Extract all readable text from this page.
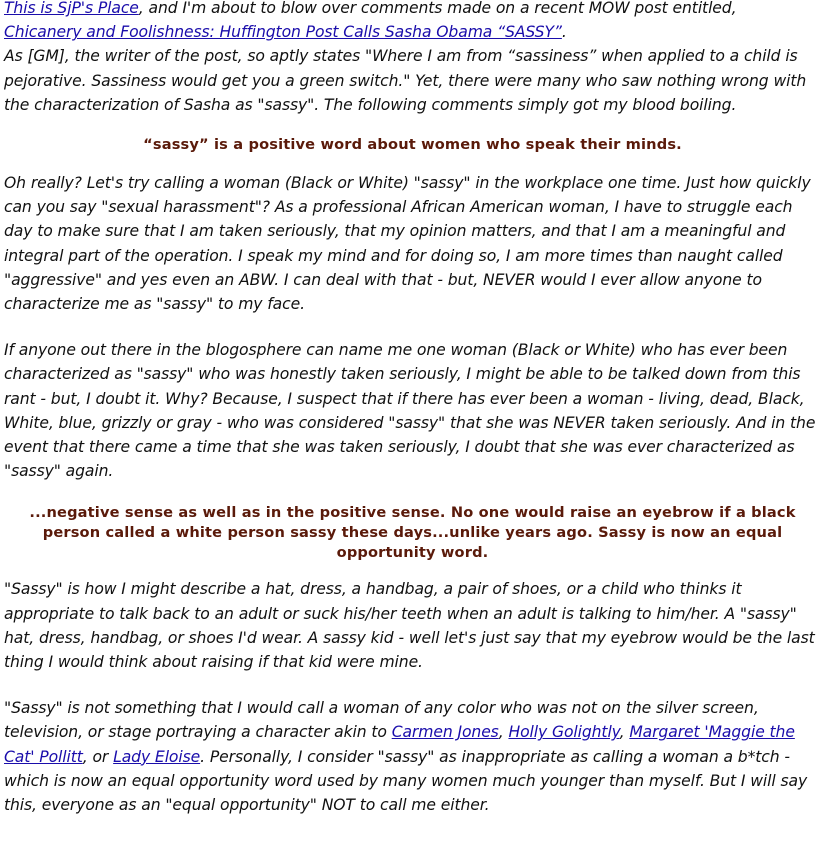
This is SjP's Place, and I'm about to blow over comments made on a recent MOW post entitled,
Chicanery and Foolishness: Huffington Post Calls Sasha Obama “SASSY”.
As [GM], the writer of the post, so aptly states "Where I am from “sassiness” when applied to a child is pejorative. Sassiness would get you a green switch." Yet, there were many who saw nothing wrong with the characterization of Sasha as "sassy". The following comments simply got my blood boiling.

“sassy” is a positive word about women who speak their minds.

Oh really? Let's try calling a woman (Black or White) "sassy" in the workplace one time. Just how quickly can you say "sexual harassment"? As a professional African American woman, I have to struggle each day to make sure that I am taken seriously, that my opinion matters, and that I am a meaningful and integral part of the operation. I speak my mind and for doing so, I am more times than naught called "aggressive" and yes even an ABW. I can deal with that - but, NEVER would I ever allow anyone to characterize me as "sassy" to my face.

If anyone out there in the blogosphere can name me one woman (Black or White) who has ever been characterized as "sassy" who was honestly taken seriously, I might be able to be talked down from this rant - but, I doubt it. Why? Because, I suspect that if there has ever been a woman - living, dead, Black, White, blue, grizzly or gray - who was considered "sassy" that she was NEVER taken seriously. And in the event that there came a time that she was taken seriously, I doubt that she was ever characterized as "sassy" again.

...negative sense as well as in the positive sense. No one would raise an eyebrow if a black person called a white person sassy these days...unlike years ago. Sassy is now an equal opportunity word.

"Sassy" is how I might describe a hat, dress, a handbag, a pair of shoes, or a child who thinks it appropriate to talk back to an adult or suck his/her teeth when an adult is talking to him/her. A "sassy" hat, dress, handbag, or shoes I'd wear. A sassy kid - well let's just say that my eyebrow would be the last thing I would think about raising if that kid were mine.

"Sassy" is not something that I would call a woman of any color who was not on the silver screen, television, or stage portraying a character akin to Carmen Jones, Holly Golightly, Margaret 'Maggie the Cat' Pollitt, or Lady Eloise. Personally, I consider "sassy" as inappropriate as calling a woman a b*tch - which is now an equal opportunity word used by many women much younger than myself. But I will say this, everyone as an "equal opportunity" NOT to call me either.
